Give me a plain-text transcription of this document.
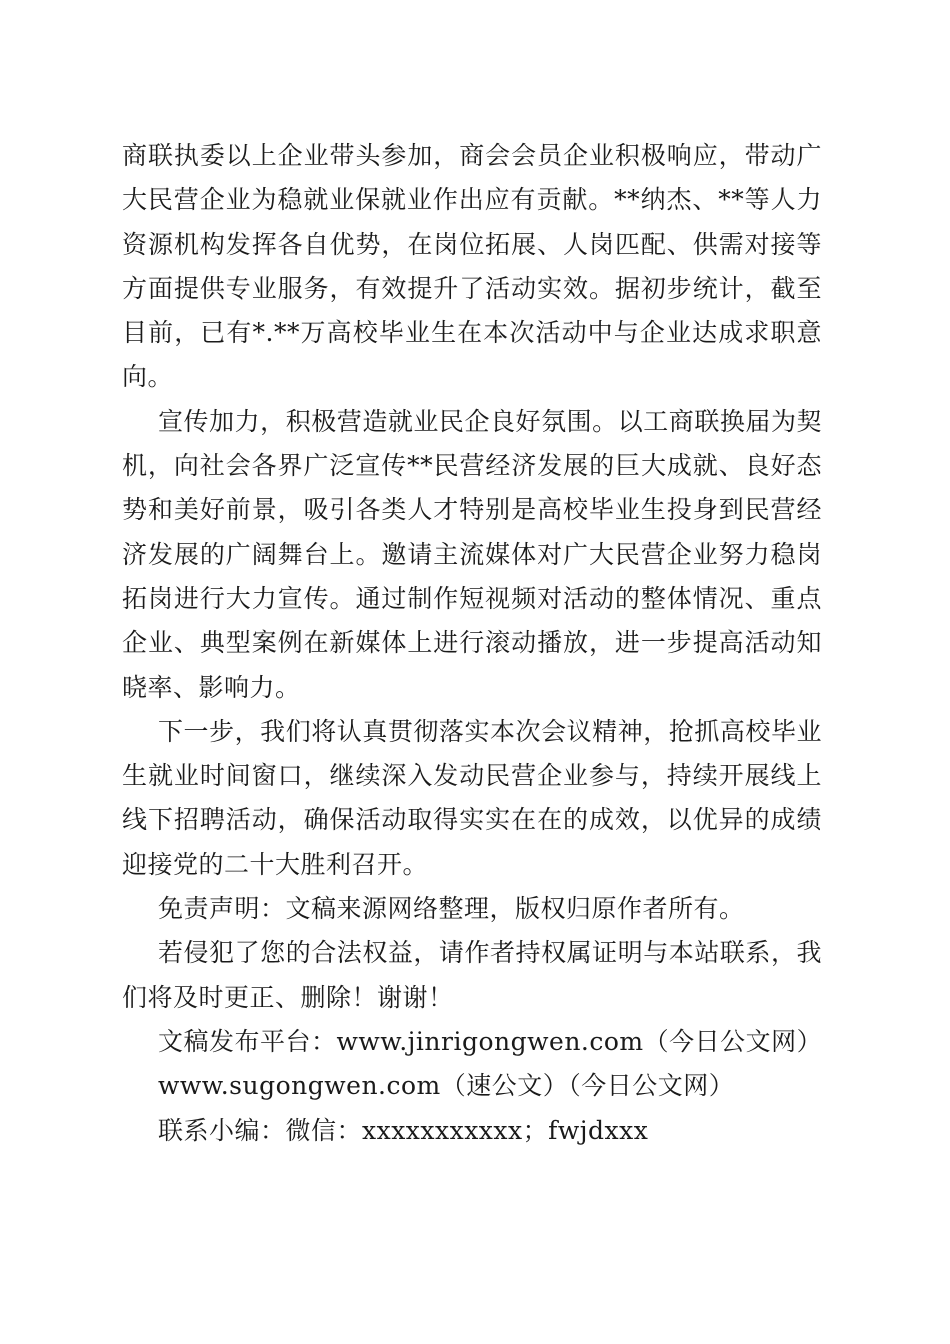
商联执委以上企业带头参加，商会会员企业积极响应，带动广
大民营企业为稳就业保就业作出应有贡献。**纳杰、**等人力
资源机构发挥各自优势，在岗位拓展、人岗匹配、供需对接等
方面提供专业服务，有效提升了活动实效。据初步统计，截至
目前，已有*.**万高校毕业生在本次活动中与企业达成求职意
向。
宣传加力，积极营造就业民企良好氛围。以工商联换届为契
机，向社会各界广泛宣传**民营经济发展的巨大成就、良好态
势和美好前景，吸引各类人才特别是高校毕业生投身到民营经
济发展的广阔舞台上。邀请主流媒体对广大民营企业努力稳岗
拓岗进行大力宣传。通过制作短视频对活动的整体情况、重点
企业、典型案例在新媒体上进行滚动播放，进一步提高活动知
晓率、影响力。
下一步，我们将认真贯彻落实本次会议精神，抢抓高校毕业
生就业时间窗口，继续深入发动民营企业参与，持续开展线上
线下招聘活动，确保活动取得实实在在的成效，以优异的成绩
迎接党的二十大胜利召开。
免责声明：文稿来源网络整理，版权归原作者所有。
若侵犯了您的合法权益，请作者持权属证明与本站联系，我
们将及时更正、删除！谢谢！
文稿发布平台：www.jinrigongwen.com（今日公文网）
www.sugongwen.com（速公文）（今日公文网）
联系小编：微信：xxxxxxxxxxx；fwjdxxx
